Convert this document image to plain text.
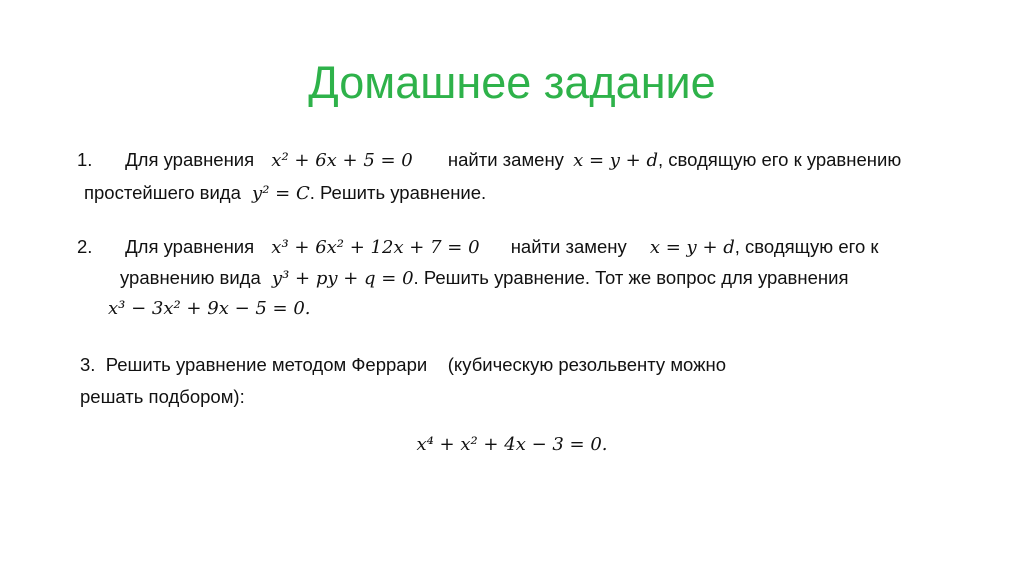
Домашнее задание
1. Для уравнения x² + 6x + 5 = 0 найти замену x = y + d, сводящую его к уравнению
простейшего вида y² = C. Решить уравнение.
2. Для уравнения x³ + 6x² + 12x + 7 = 0 найти замену x = y + d, сводящую его к
уравнению вида y³ + py + q = 0. Решить уравнение. Тот же вопрос для уравнения
x³ − 3x² + 9x − 5 = 0.
3.  Решить уравнение методом Феррари    (кубическую резольвенту можно
решать подбором):
x⁴ + x² + 4x − 3 = 0.
